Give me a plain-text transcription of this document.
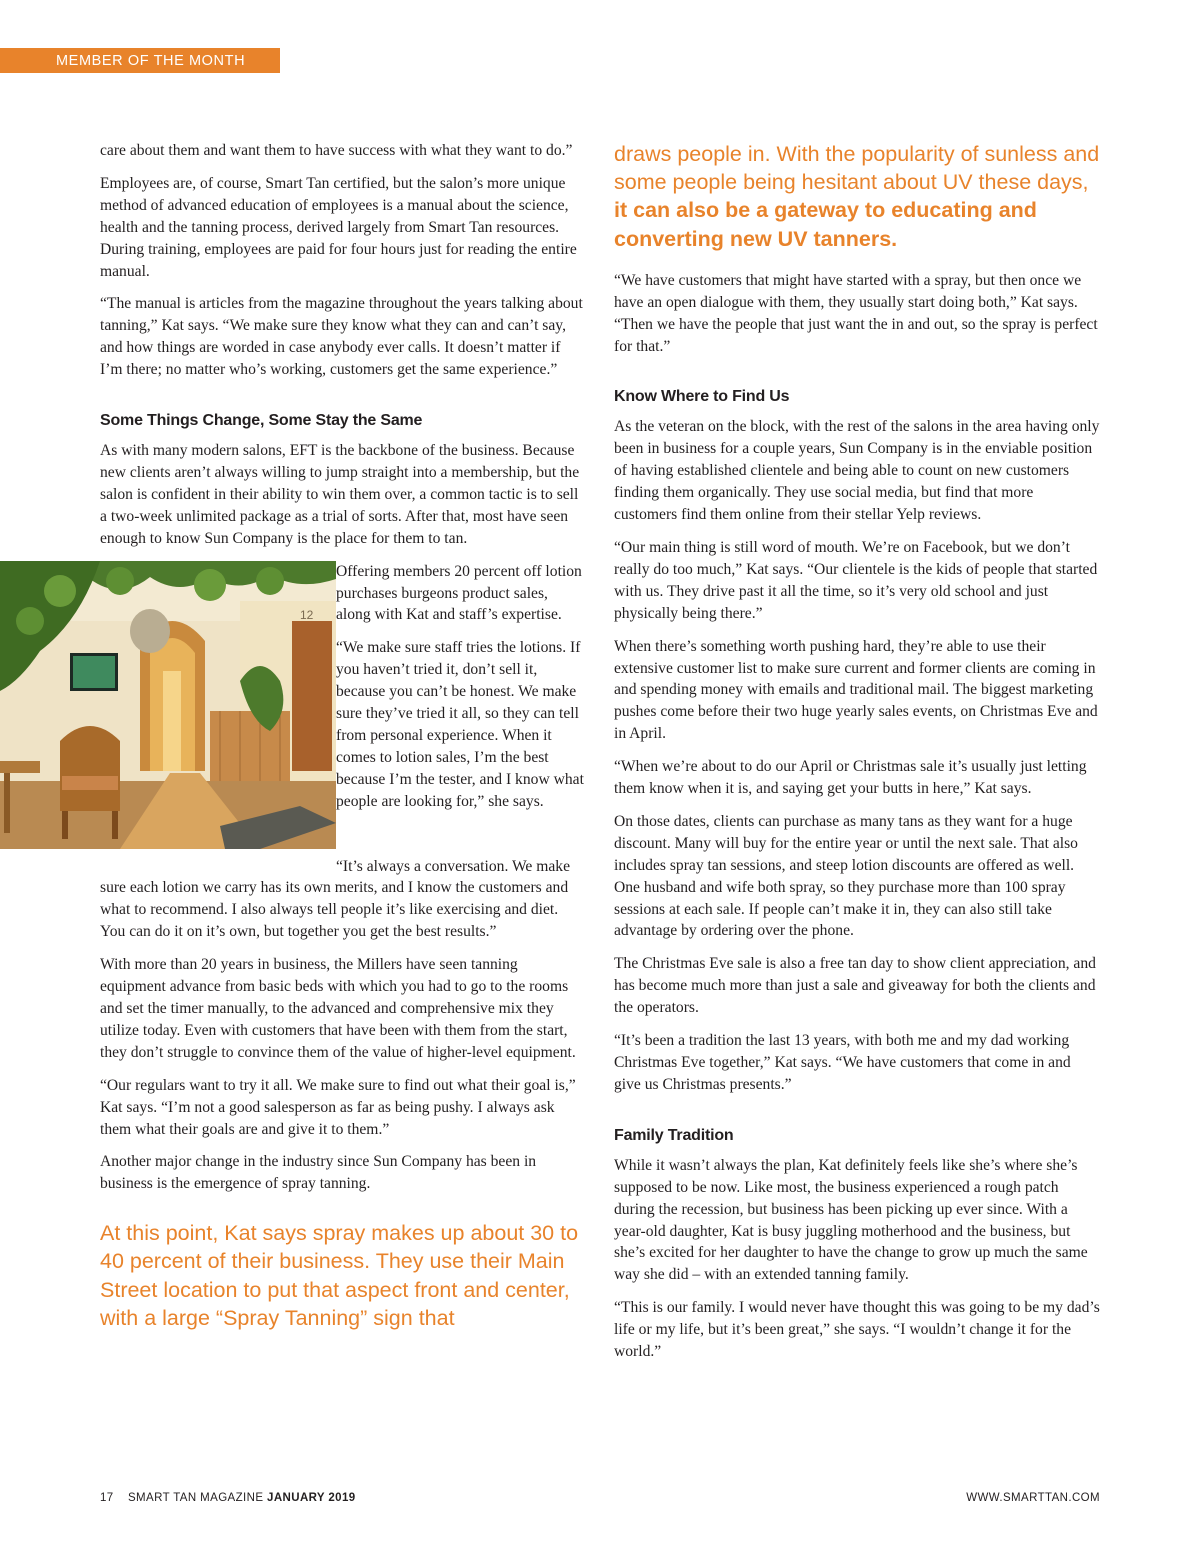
MEMBER OF THE MONTH

care about them and want them to have success with what they want to do.”

Employees are, of course, Smart Tan certified, but the salon’s more unique method of advanced education of employees is a manual about the science, health and the tanning process, derived largely from Smart Tan resources. During training, employees are paid for four hours just for reading the entire manual.

“The manual is articles from the magazine throughout the years talking about tanning,” Kat says. “We make sure they know what they can and can’t say, and how things are worded in case anybody ever calls. It doesn’t matter if I’m there; no matter who’s working, customers get the same experience.”

Some Things Change, Some Stay the Same

As with many modern salons, EFT is the backbone of the business. Because new clients aren’t always willing to jump straight into a membership, but the salon is confident in their ability to win them over, a common tactic is to sell a two-week unlimited package as a trial of sorts. After that, most have seen enough to know Sun Company is the place for them to tan.

12

Offering members 20 percent off lotion purchases burgeons product sales, along with Kat and staff’s expertise.

“We make sure staff tries the lotions. If you haven’t tried it, don’t sell it, because you can’t be honest. We make sure they’ve tried it all, so they can tell from personal experience. When it comes to lotion sales, I’m the best because I’m the tester, and I know what people are looking for,” she says.

“It’s always a conversation. We make sure each lotion we carry has its own merits, and I know the customers and what to recommend. I also always tell people it’s like exercising and diet. You can do it on it’s own, but together you get the best results.”

With more than 20 years in business, the Millers have seen tanning equipment advance from basic beds with which you had to go to the rooms and set the timer manually, to the advanced and comprehensive mix they utilize today. Even with customers that have been with them from the start, they don’t struggle to convince them of the value of higher-level equipment.

“Our regulars want to try it all. We make sure to find out what their goal is,” Kat says. “I’m not a good salesperson as far as being pushy. I always ask them what their goals are and give it to them.”

Another major change in the industry since Sun Company has been in business is the emergence of spray tanning.

At this point, Kat says spray makes up about 30 to 40 percent of their business. They use their Main Street location to put that aspect front and center, with a large “Spray Tanning” sign that
draws people in. With the popularity of sunless and some people being hesitant about UV these days, it can also be a gateway to educating and converting new UV tanners.

“We have customers that might have started with a spray, but then once we have an open dialogue with them, they usually start doing both,” Kat says. “Then we have the people that just want the in and out, so the spray is perfect for that.”

Know Where to Find Us

As the veteran on the block, with the rest of the salons in the area having only been in business for a couple years, Sun Company is in the enviable position of having established clientele and being able to count on new customers finding them organically. They use social media, but find that more customers find them online from their stellar Yelp reviews.

“Our main thing is still word of mouth. We’re on Facebook, but we don’t really do too much,” Kat says. “Our clientele is the kids of people that started with us. They drive past it all the time, so it’s very old school and just physically being there.”

When there’s something worth pushing hard, they’re able to use their extensive customer list to make sure current and former clients are coming in and spending money with emails and traditional mail. The biggest marketing pushes come before their two huge yearly sales events, on Christmas Eve and in April.

“When we’re about to do our April or Christmas sale it’s usually just letting them know when it is, and saying get your butts in here,” Kat says.

On those dates, clients can purchase as many tans as they want for a huge discount. Many will buy for the entire year or until the next sale. That also includes spray tan sessions, and steep lotion discounts are offered as well. One husband and wife both spray, so they purchase more than 100 spray sessions at each sale. If people can’t make it in, they can also still take advantage by ordering over the phone.

The Christmas Eve sale is also a free tan day to show client appreciation, and has become much more than just a sale and giveaway for both the clients and the operators.

“It’s been a tradition the last 13 years, with both me and my dad working Christmas Eve together,” Kat says. “We have customers that come in and give us Christmas presents.”

Family Tradition

While it wasn’t always the plan, Kat definitely feels like she’s where she’s supposed to be now. Like most, the business experienced a rough patch during the recession, but business has been picking up ever since. With a year-old daughter, Kat is busy juggling motherhood and the business, but she’s excited for her daughter to have the change to grow up much the same way she did – with an extended tanning family.

“This is our family. I would never have thought this was going to be my dad’s life or my life, but it’s been great,” she says. “I wouldn’t change it for the world.”

17 SMART TAN MAGAZINE JANUARY 2019	WWW.SMARTTAN.COM
